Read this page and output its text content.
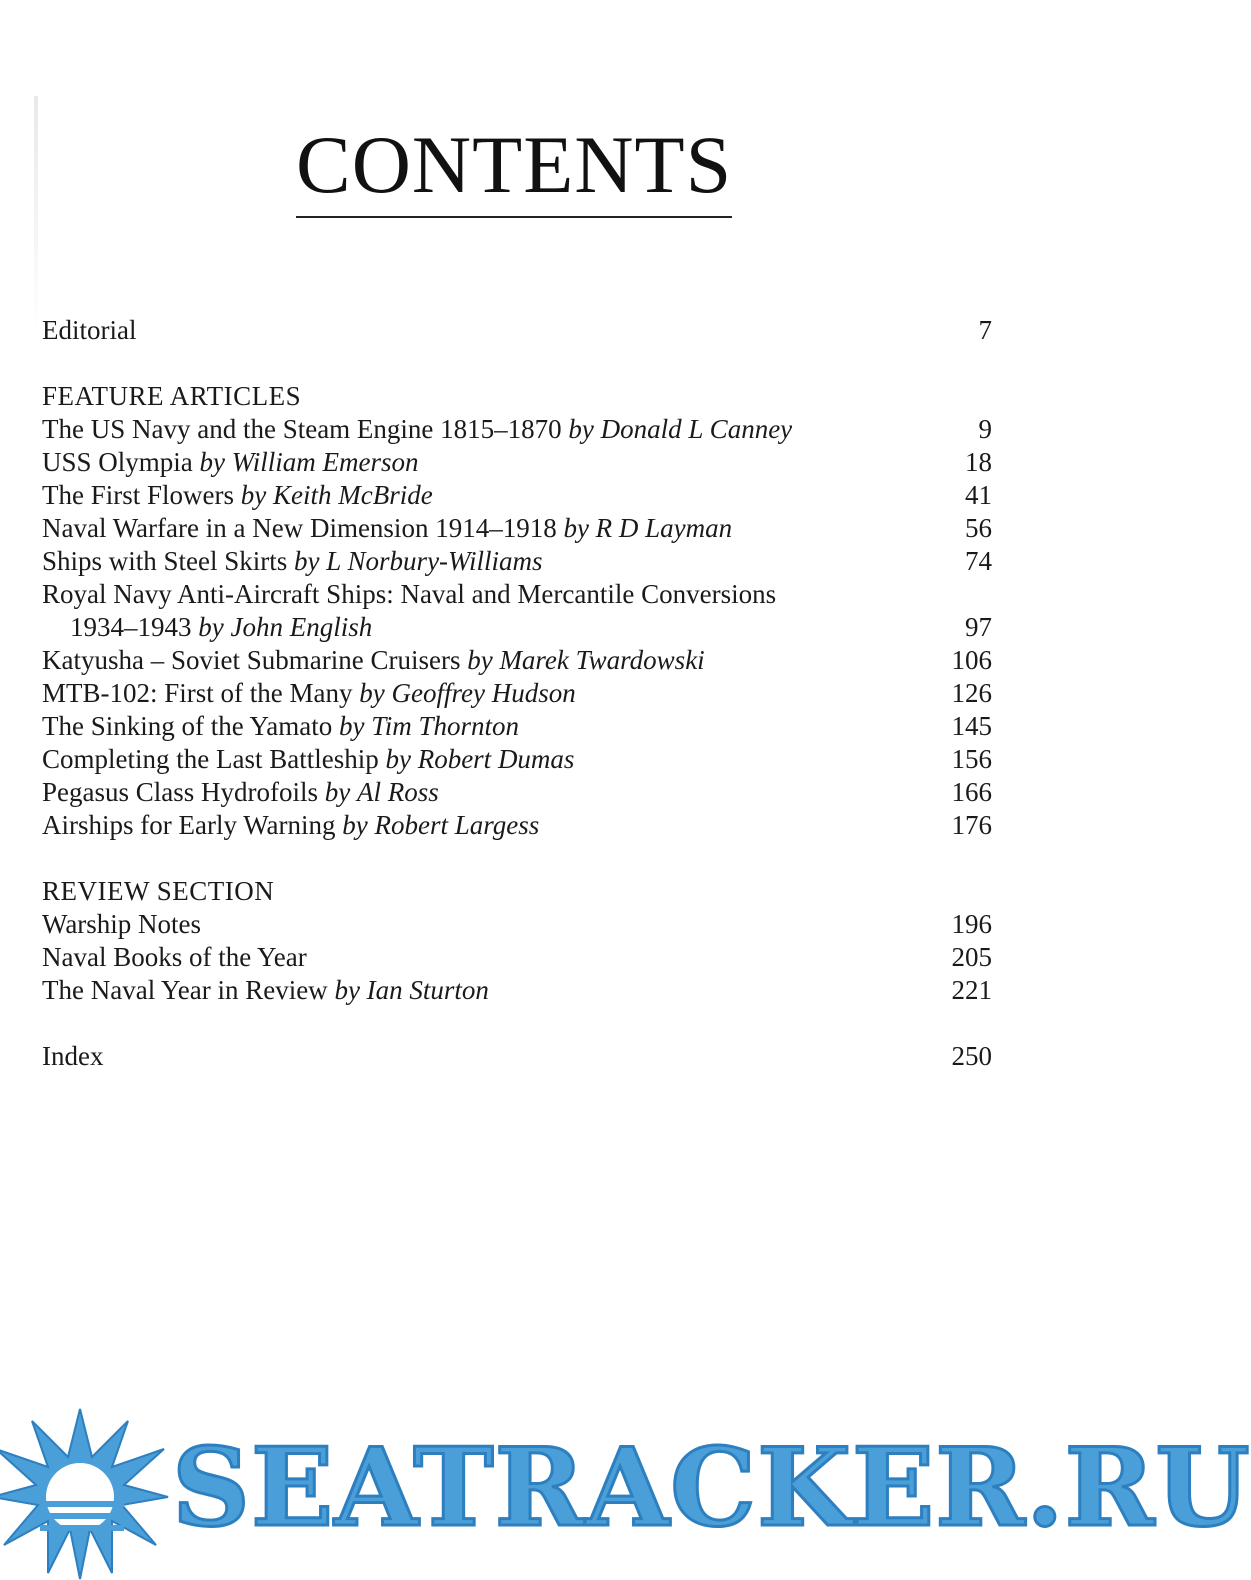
CONTENTS
Editorial	7
FEATURE ARTICLES
The US Navy and the Steam Engine 1815–1870 by Donald L Canney	9
USS Olympia by William Emerson	18
The First Flowers by Keith McBride	41
Naval Warfare in a New Dimension 1914–1918 by R D Layman	56
Ships with Steel Skirts by L Norbury-Williams	74
Royal Navy Anti-Aircraft Ships: Naval and Mercantile Conversions
1934–1943 by John English	97
Katyusha – Soviet Submarine Cruisers by Marek Twardowski	106
MTB-102: First of the Many by Geoffrey Hudson	126
The Sinking of the Yamato by Tim Thornton	145
Completing the Last Battleship by Robert Dumas	156
Pegasus Class Hydrofoils by Al Ross	166
Airships for Early Warning by Robert Largess	176
REVIEW SECTION
Warship Notes	196
Naval Books of the Year	205
The Naval Year in Review by Ian Sturton	221
Index	250
SEATRACKER.RU
